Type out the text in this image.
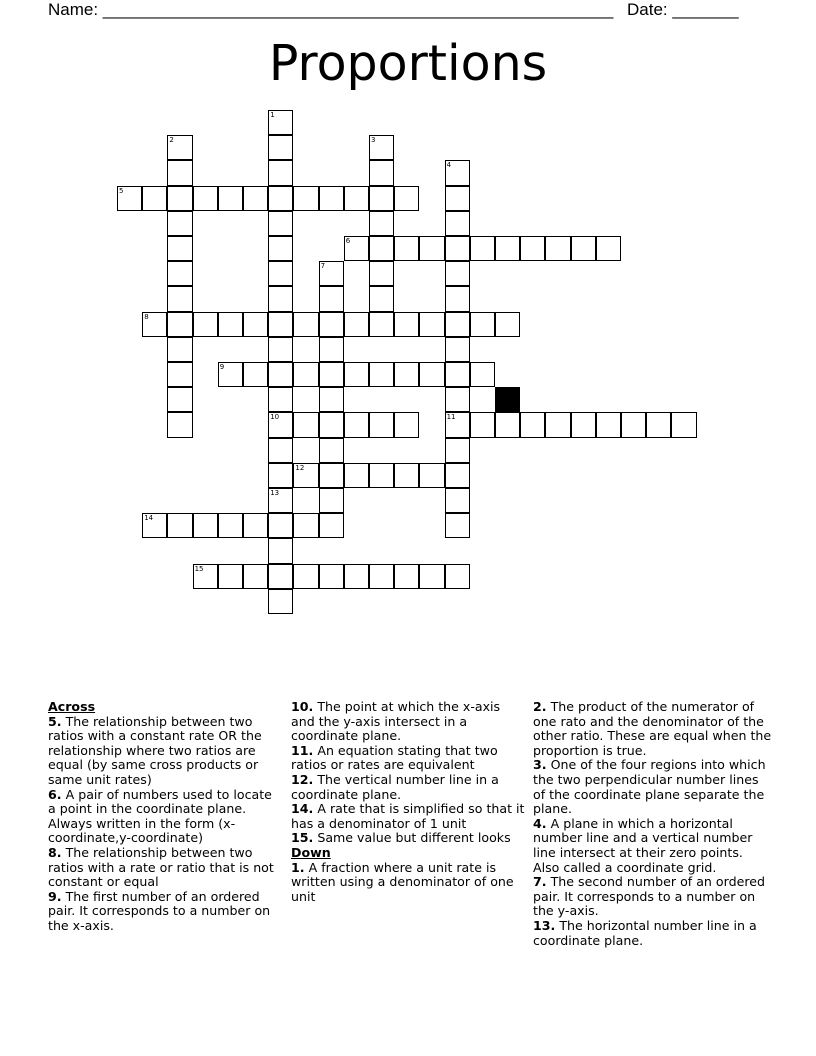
Name: ______________________________________________________ Date: _______
Proportions
1
10
13
2	3
4
11
5
6
7
8
9
12
14
15
Across
5. The relationship between two ratios with a constant rate OR the relationship where two ratios are equal (by same cross products or same unit rates)
6. A pair of numbers used to locate a point in the coordinate plane. Always written in the form (x-coordinate,y-coordinate)
8. The relationship between two ratios with a rate or ratio that is not constant or equal
9. The first number of an ordered pair. It corresponds to a number on the x-axis.
10. The point at which the x-axis and the y-axis intersect in a coordinate plane.
11. An equation stating that two ratios or rates are equivalent
12. The vertical number line in a coordinate plane.
14. A rate that is simplified so that it has a denominator of 1 unit
15. Same value but different looks
Down
1. A fraction where a unit rate is written using a denominator of one unit
2. The product of the numerator of one rato and the denominator of the other ratio. These are equal when the proportion is true.
3. One of the four regions into which the two perpendicular number lines of the coordinate plane separate the plane.
4. A plane in which a horizontal number line and a vertical number line intersect at their zero points. Also called a coordinate grid.
7. The second number of an ordered pair. It corresponds to a number on the y-axis.
13. The horizontal number line in a coordinate plane.
